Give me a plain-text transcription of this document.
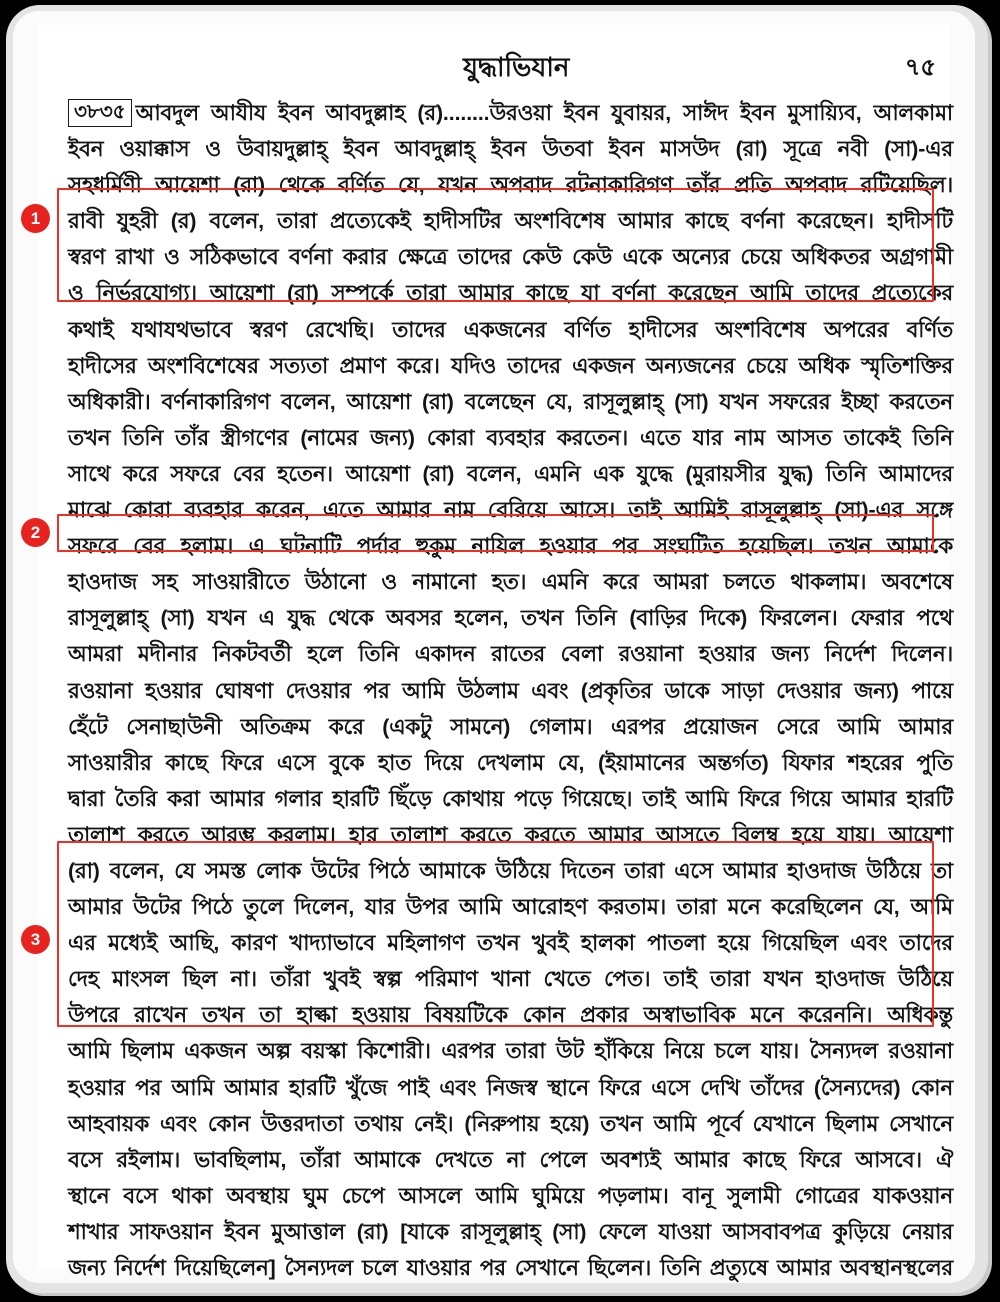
যুদ্ধাভিযান	৭৫
৩৮৩৫ আবদুল আযীয ইবন আবদুল্লাহ (র)........উরওয়া ইবন যুবায়র, সাঈদ ইবন মুসায়্যিব, আলকামা
ইবন ওয়াক্কাস ও উবায়দুল্লাহ্ ইবন আবদুল্লাহ্ ইবন উতবা ইবন মাসউদ (রা) সূত্রে নবী (সা)-এর
সহধর্মিণী আয়েশা (রা) থেকে বর্ণিত যে, যখন অপবাদ রটনাকারিগণ তাঁর প্রতি অপবাদ রটিয়েছিল।
রাবী যুহরী (র) বলেন, তারা প্রত্যেকেই হাদীসটির অংশবিশেষ আমার কাছে বর্ণনা করেছেন। হাদীসটি
স্বরণ রাখা ও সঠিকভাবে বর্ণনা করার ক্ষেত্রে তাদের কেউ কেউ একে অন্যের চেয়ে অধিকতর অগ্রগামী
ও নির্ভরযোগ্য। আয়েশা (রা) সম্পর্কে তারা আমার কাছে যা বর্ণনা করেছেন আমি তাদের প্রত্যেকের
কথাই যথাযথভাবে স্বরণ রেখেছি। তাদের একজনের বর্ণিত হাদীসের অংশবিশেষ অপরের বর্ণিত
হাদীসের অংশবিশেষের সত্যতা প্রমাণ করে। যদিও তাদের একজন অন্যজনের চেয়ে অধিক স্মৃতিশক্তির
অধিকারী। বর্ণনাকারিগণ বলেন, আয়েশা (রা) বলেছেন যে, রাসূলুল্লাহ্ (সা) যখন সফরের ইচ্ছা করতেন
তখন তিনি তাঁর স্ত্রীগণের (নামের জন্য) কোরা ব্যবহার করতেন। এতে যার নাম আসত তাকেই তিনি
সাথে করে সফরে বের হতেন। আয়েশা (রা) বলেন, এমনি এক যুদ্ধে (মুরায়সীর যুদ্ধ) তিনি আমাদের
মাঝে কোরা ব্যবহার করেন, এতে আমার নাম বেরিয়ে আসে। তাই আমিই রাসূলুল্লাহ্ (সা)-এর সঙ্গে
সফরে বের হলাম। এ ঘটনাটি পর্দার হুকুম নাযিল হওয়ার পর সংঘটিত হয়েছিল। তখন আমাকে
হাওদাজ সহ সাওয়ারীতে উঠানো ও নামানো হত। এমনি করে আমরা চলতে থাকলাম। অবশেষে
রাসূলুল্লাহ্ (সা) যখন এ যুদ্ধ থেকে অবসর হলেন, তখন তিনি (বাড়ির দিকে) ফিরলেন। ফেরার পথে
আমরা মদীনার নিকটবর্তী হলে তিনি একাদন রাতের বেলা রওয়ানা হওয়ার জন্য নির্দেশ দিলেন।
রওয়ানা হওয়ার ঘোষণা দেওয়ার পর আমি উঠলাম এবং (প্রকৃতির ডাকে সাড়া দেওয়ার জন্য) পায়ে
হেঁটে সেনাছাউনী অতিক্রম করে (একটু সামনে) গেলাম। এরপর প্রয়োজন সেরে আমি আমার
সাওয়ারীর কাছে ফিরে এসে বুকে হাত দিয়ে দেখলাম যে, (ইয়ামানের অন্তর্গত) যিফার শহরের পুতি
দ্বারা তৈরি করা আমার গলার হারটি ছিঁড়ে কোথায় পড়ে গিয়েছে। তাই আমি ফিরে গিয়ে আমার হারটি
তালাশ করতে আরম্ভ করলাম। হার তালাশ করতে করতে আমার আসতে বিলম্ব হয়ে যায়। আয়েশা
(রা) বলেন, যে সমস্ত লোক উটের পিঠে আমাকে উঠিয়ে দিতেন তারা এসে আমার হাওদাজ উঠিয়ে তা
আমার উটের পিঠে তুলে দিলেন, যার উপর আমি আরোহণ করতাম। তারা মনে করেছিলেন যে, আমি
এর মধ্যেই আছি, কারণ খাদ্যাভাবে মহিলাগণ তখন খুবই হালকা পাতলা হয়ে গিয়েছিল এবং তাদের
দেহ মাংসল ছিল না। তাঁরা খুবই স্বল্প পরিমাণ খানা খেতে পেত। তাই তারা যখন হাওদাজ উঠিয়ে
উপরে রাখেন তখন তা হাল্কা হওয়ায় বিষয়টিকে কোন প্রকার অস্বাভাবিক মনে করেননি। অধিকন্তু
আমি ছিলাম একজন অল্প বয়স্কা কিশোরী। এরপর তারা উট হাঁকিয়ে নিয়ে চলে যায়। সৈন্যদল রওয়ানা
হওয়ার পর আমি আমার হারটি খুঁজে পাই এবং নিজস্ব স্থানে ফিরে এসে দেখি তাঁদের (সৈন্যদের) কোন
আহবায়ক এবং কোন উত্তরদাতা তথায় নেই। (নিরুপায় হয়ে) তখন আমি পূর্বে যেখানে ছিলাম সেখানে
বসে রইলাম। ভাবছিলাম, তাঁরা আমাকে দেখতে না পেলে অবশ্যই আমার কাছে ফিরে আসবে। ঐ
স্থানে বসে থাকা অবস্থায় ঘুম চেপে আসলে আমি ঘুমিয়ে পড়লাম। বানূ সুলামী গোত্রের যাকওয়ান
শাখার সাফওয়ান ইবন মুআত্তাল (রা) [যাকে রাসূলুল্লাহ্ (সা) ফেলে যাওয়া আসবাবপত্র কুড়িয়ে নেয়ার
জন্য নির্দেশ দিয়েছিলেন] সৈন্যদল চলে যাওয়ার পর সেখানে ছিলেন। তিনি প্রত্যুষে আমার অবস্থানস্থলের
1
2
3
